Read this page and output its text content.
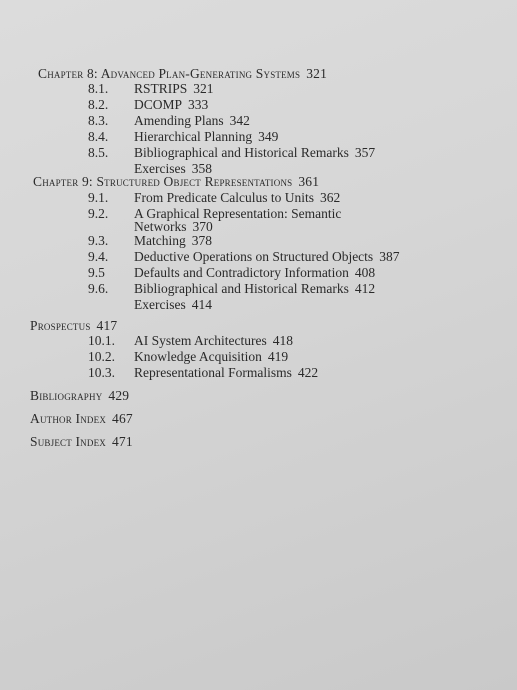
Chapter 8: Advanced Plan-Generating Systems 321
8.1. RSTRIPS 321
8.2. DCOMP 333
8.3. Amending Plans 342
8.4. Hierarchical Planning 349
8.5. Bibliographical and Historical Remarks 357
Exercises 358
Chapter 9: Structured Object Representations 361
9.1. From Predicate Calculus to Units 362
9.2. A Graphical Representation: Semantic
Networks 370
9.3. Matching 378
9.4. Deductive Operations on Structured Objects 387
9.5 Defaults and Contradictory Information 408
9.6. Bibliographical and Historical Remarks 412
Exercises 414
Prospectus 417
10.1. AI System Architectures 418
10.2. Knowledge Acquisition 419
10.3. Representational Formalisms 422
Bibliography 429
Author Index 467
Subject Index 471
